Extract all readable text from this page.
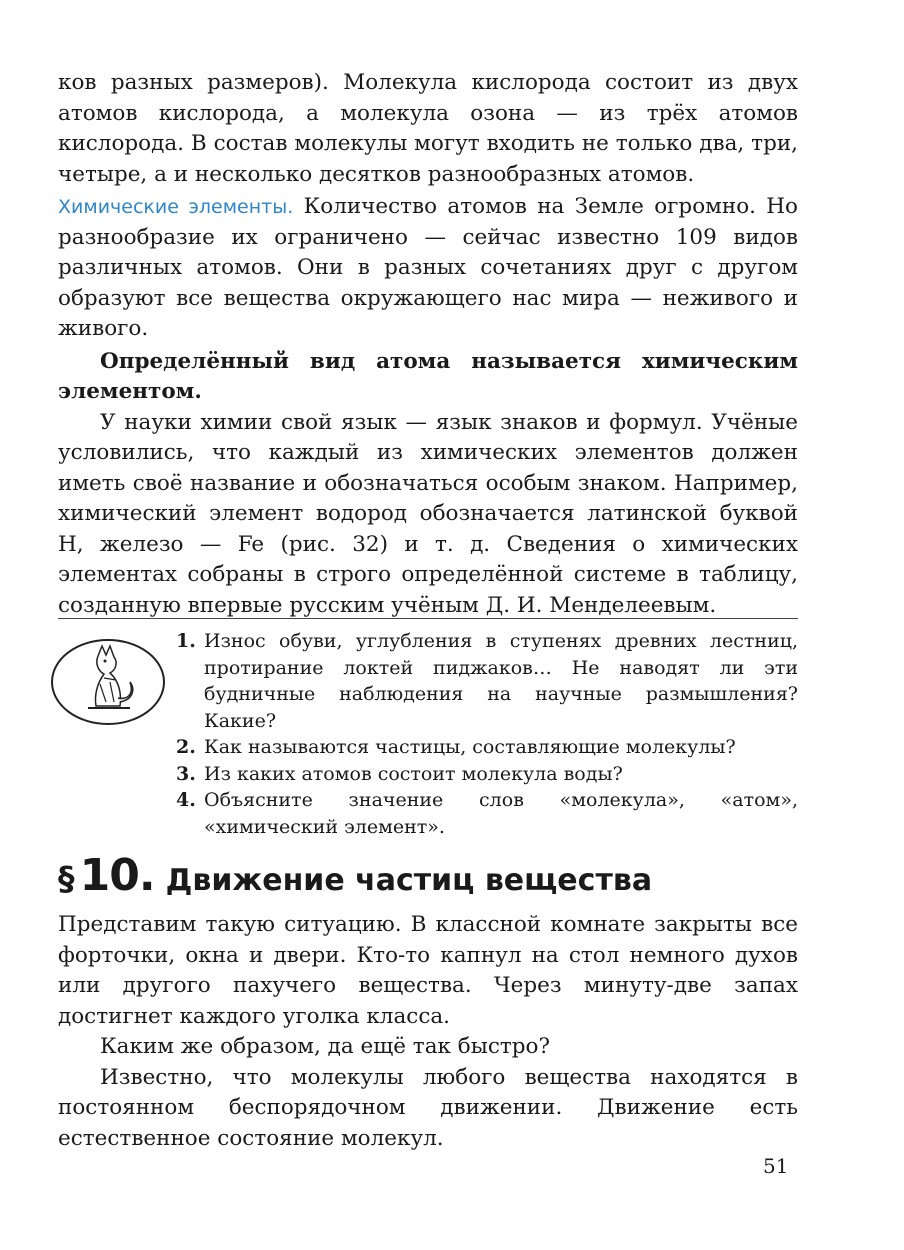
ков разных размеров). Молекула кислорода состоит из двух атомов кислорода, а молекула озона — из трёх атомов кислорода. В состав молекулы могут входить не только два, три, четыре, а и несколько десятков разнообразных атомов.

Химические элементы. Количество атомов на Земле огромно. Но разнообразие их ограничено — сейчас известно 109 видов различных атомов. Они в разных сочетаниях друг с другом образуют все вещества окружающего нас мира — неживого и живого.

Определённый вид атома называется химическим элементом.

У науки химии свой язык — язык знаков и формул. Учёные условились, что каждый из химических элементов должен иметь своё название и обозначаться особым знаком. Например, химический элемент водород обозначается латинской буквой H, железо — Fe (рис. 32) и т. д. Сведения о химических элементах собраны в строго определённой системе в таблицу, созданную впервые русским учёным Д. И. Менделеевым.

1. Износ обуви, углубления в ступенях древних лестниц, протирание локтей пиджаков… Не наводят ли эти будничные наблюдения на научные размышления? Какие?
2. Как называются частицы, составляющие молекулы?
3. Из каких атомов состоит молекула воды?
4. Объясните значение слов «молекула», «атом», «химический элемент».
§ 10. Движение частиц вещества

Представим такую ситуацию. В классной комнате закрыты все форточки, окна и двери. Кто-то капнул на стол немного духов или другого пахучего вещества. Через минуту-две запах достигнет каждого уголка класса.

Каким же образом, да ещё так быстро?

Известно, что молекулы любого вещества находятся в постоянном беспорядочном движении. Движение есть естественное состояние молекул.

51
